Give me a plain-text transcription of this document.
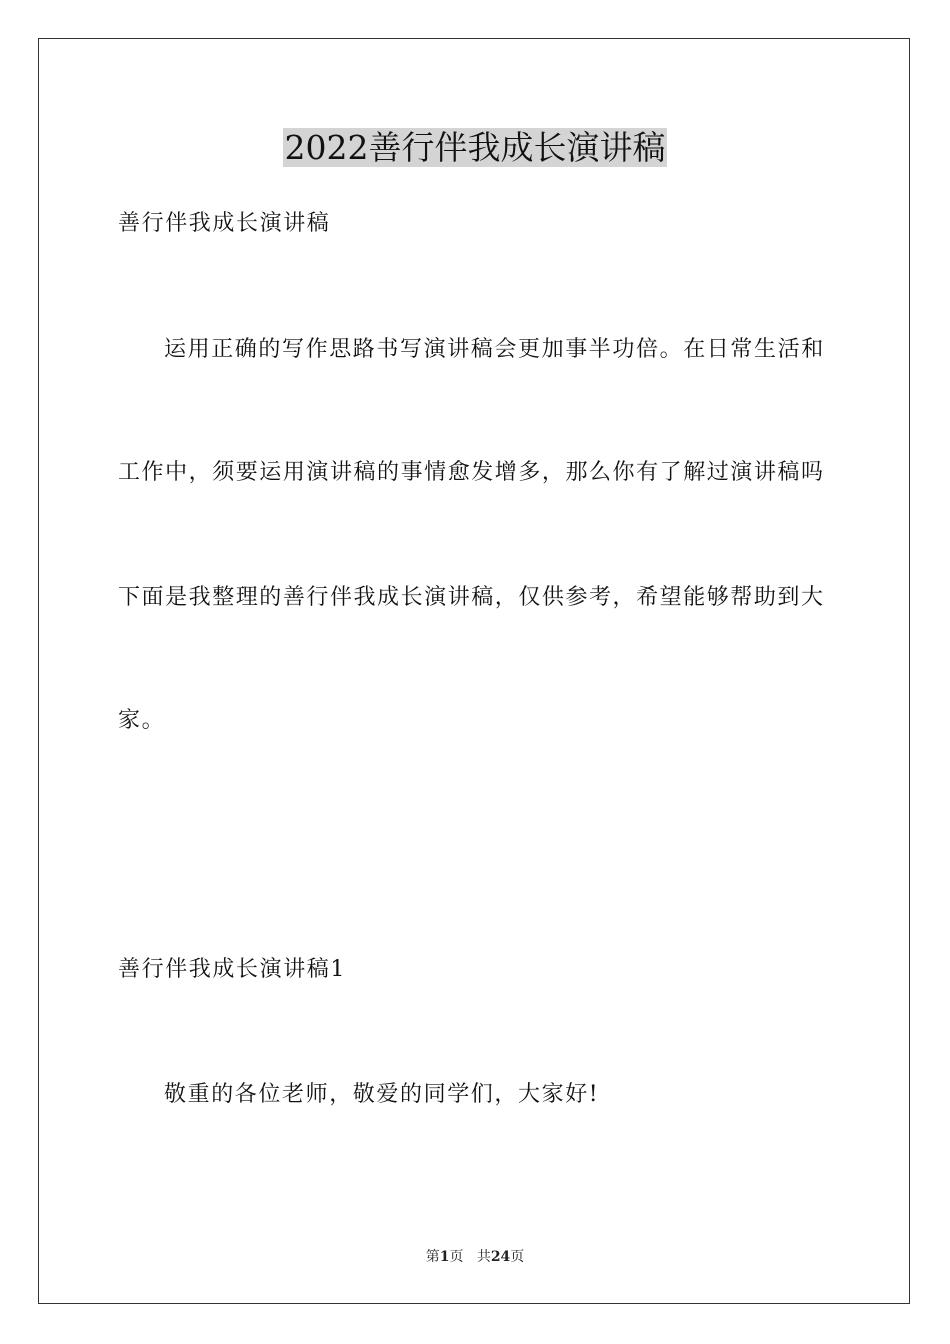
2022善行伴我成长演讲稿
善行伴我成长演讲稿
运用正确的写作思路书写演讲稿会更加事半功倍。在日常生活和
工作中，须要运用演讲稿的事情愈发增多，那么你有了解过演讲稿吗
下面是我整理的善行伴我成长演讲稿，仅供参考，希望能够帮助到大
家。
善行伴我成长演讲稿1
敬重的各位老师，敬爱的同学们，大家好!
第1页 共24页
